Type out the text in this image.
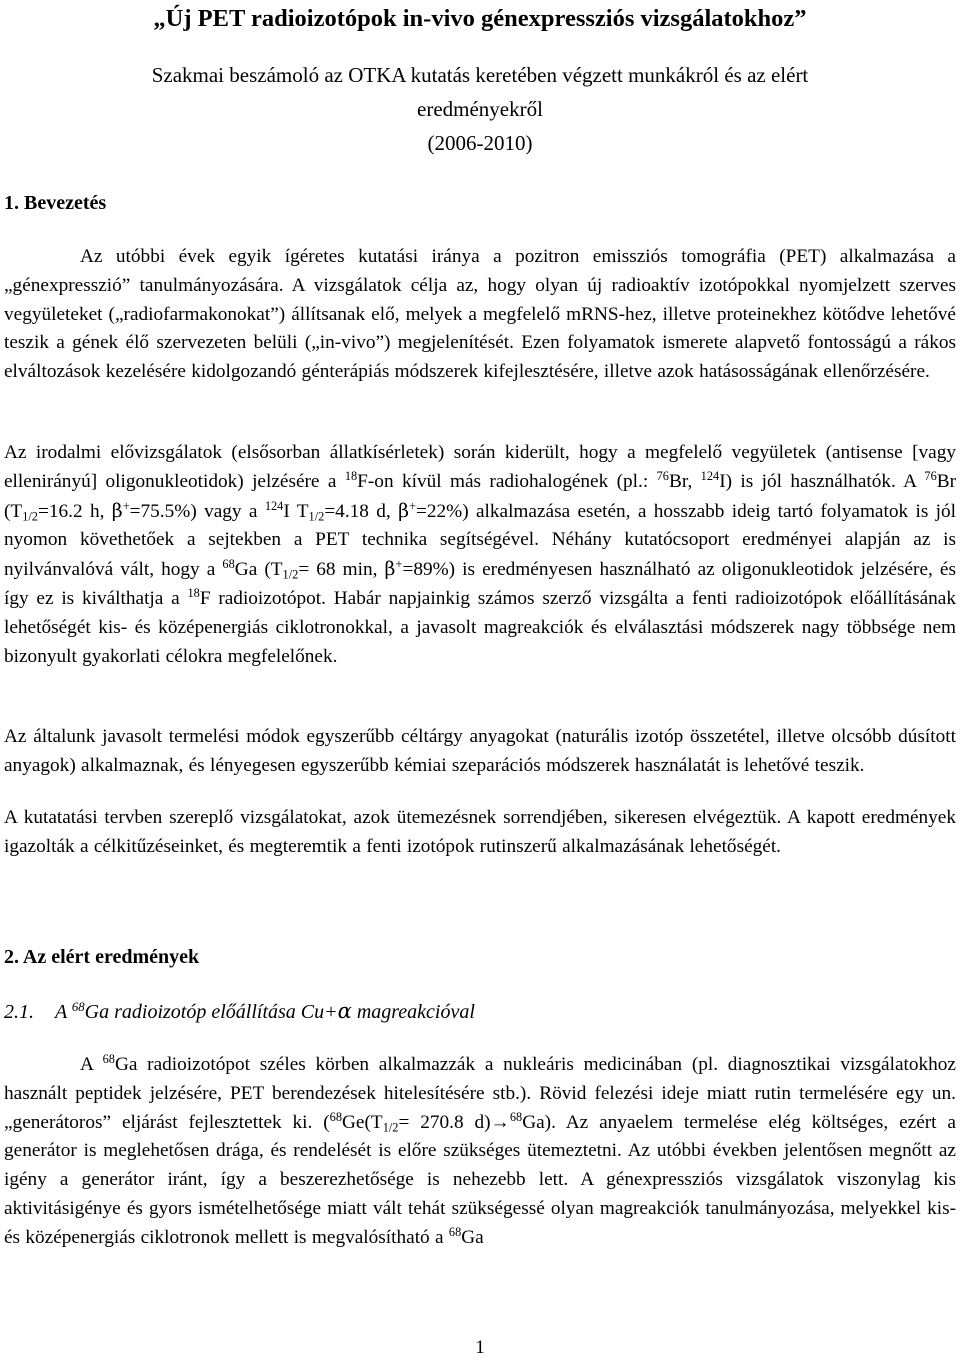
„Új PET radioizotópok in-vivo génexpressziós vizsgálatokhoz”
Szakmai beszámoló az OTKA kutatás keretében végzett munkákról és az elért
eredményekről
(2006-2010)
1. Bevezetés

Az utóbbi évek egyik ígéretes kutatási iránya a pozitron emissziós tomográfia (PET) alkalmazása a „génexpresszió” tanulmányozására. A vizsgálatok célja az, hogy olyan új radioaktív izotópokkal nyomjelzett szerves vegyületeket („radiofarmakonokat”) állítsanak elő, melyek a megfelelő mRNS-hez, illetve proteinekhez kötődve lehetővé teszik a gének élő szervezeten belüli („in-vivo”) megjelenítését. Ezen folyamatok ismerete alapvető fontosságú a rákos elváltozások kezelésére kidolgozandó génterápiás módszerek kifejlesztésére, illetve azok hatásosságának ellenőrzésére.

Az irodalmi elővizsgálatok (elsősorban állatkísérletek) során kiderült, hogy a megfelelő vegyületek (antisense [vagy ellenirányú] oligonukleotidok) jelzésére a $^{18}$F-on kívül más radiohalogének (pl.: $^{76}$Br, $^{124}$I) is jól használhatók. A $^{76}$Br ($T_{1/2}=16.2$ h, β+=75.5%) vagy a $^{124}$I $T_{1/2}=4.18$ d, β+=22%) alkalmazása esetén, a hosszabb ideig tartó folyamatok is jól nyomon követhetőek a sejtekben a PET technika segítségével. Néhány kutatócsoport eredményei alapján az is nyilvánvalóvá vált, hogy a $^{68}$Ga ($T_{1/2}= 68$ min, β+=89%) is eredményesen használható az oligonukleotidok jelzésére, és így ez is kiválthatja a $^{18}$F radioizotópot. Habár napjainkig számos szerző vizsgálta a fenti radioizotópok előállításának lehetőségét kis- és középenergiás ciklotronokkal, a javasolt magreakciók és elválasztási módszerek nagy többsége nem bizonyult gyakorlati célokra megfelelőnek.

Az általunk javasolt termelési módok egyszerűbb céltárgy anyagokat (naturális izotóp összetétel, illetve olcsóbb dúsított anyagok) alkalmaznak, és lényegesen egyszerűbb kémiai szeparációs módszerek használatát is lehetővé teszik.

A kutatatási tervben szereplő vizsgálatokat, azok ütemezésnek sorrendjében, sikeresen elvégeztük. A kapott eredmények igazolták a célkitűzéseinket, és megteremtik a fenti izotópok rutinszerű alkalmazásának lehetőségét.

2. Az elért eredmények
2.1. A $^{68}$Ga radioizotóp előállítása Cu+α magreakcióval

A $^{68}$Ga radioizotópot széles körben alkalmazzák a nukleáris medicinában (pl. diagnosztikai vizsgálatokhoz használt peptidek jelzésére, PET berendezések hitelesítésére stb.). Rövid felezési ideje miatt rutin termelésére egy un. „generátoros” eljárást fejlesztettek ki. ($^{68}Ge(T_{1/2}= 270.8$ d)→$^{68}$Ga). Az anyaelem termelése elég költséges, ezért a generátor is meglehetősen drága, és rendelését is előre szükséges ütemeztetni. Az utóbbi években jelentősen megnőtt az igény a generátor iránt, így a beszerezhetősége is nehezebb lett. A génexpressziós vizsgálatok viszonylag kis aktivitásigénye és gyors ismételhetősége miatt vált tehát szükségessé olyan magreakciók tanulmányozása, melyekkel kis- és középenergiás ciklotronok mellett is megvalósítható a $^{68}$Ga

1
